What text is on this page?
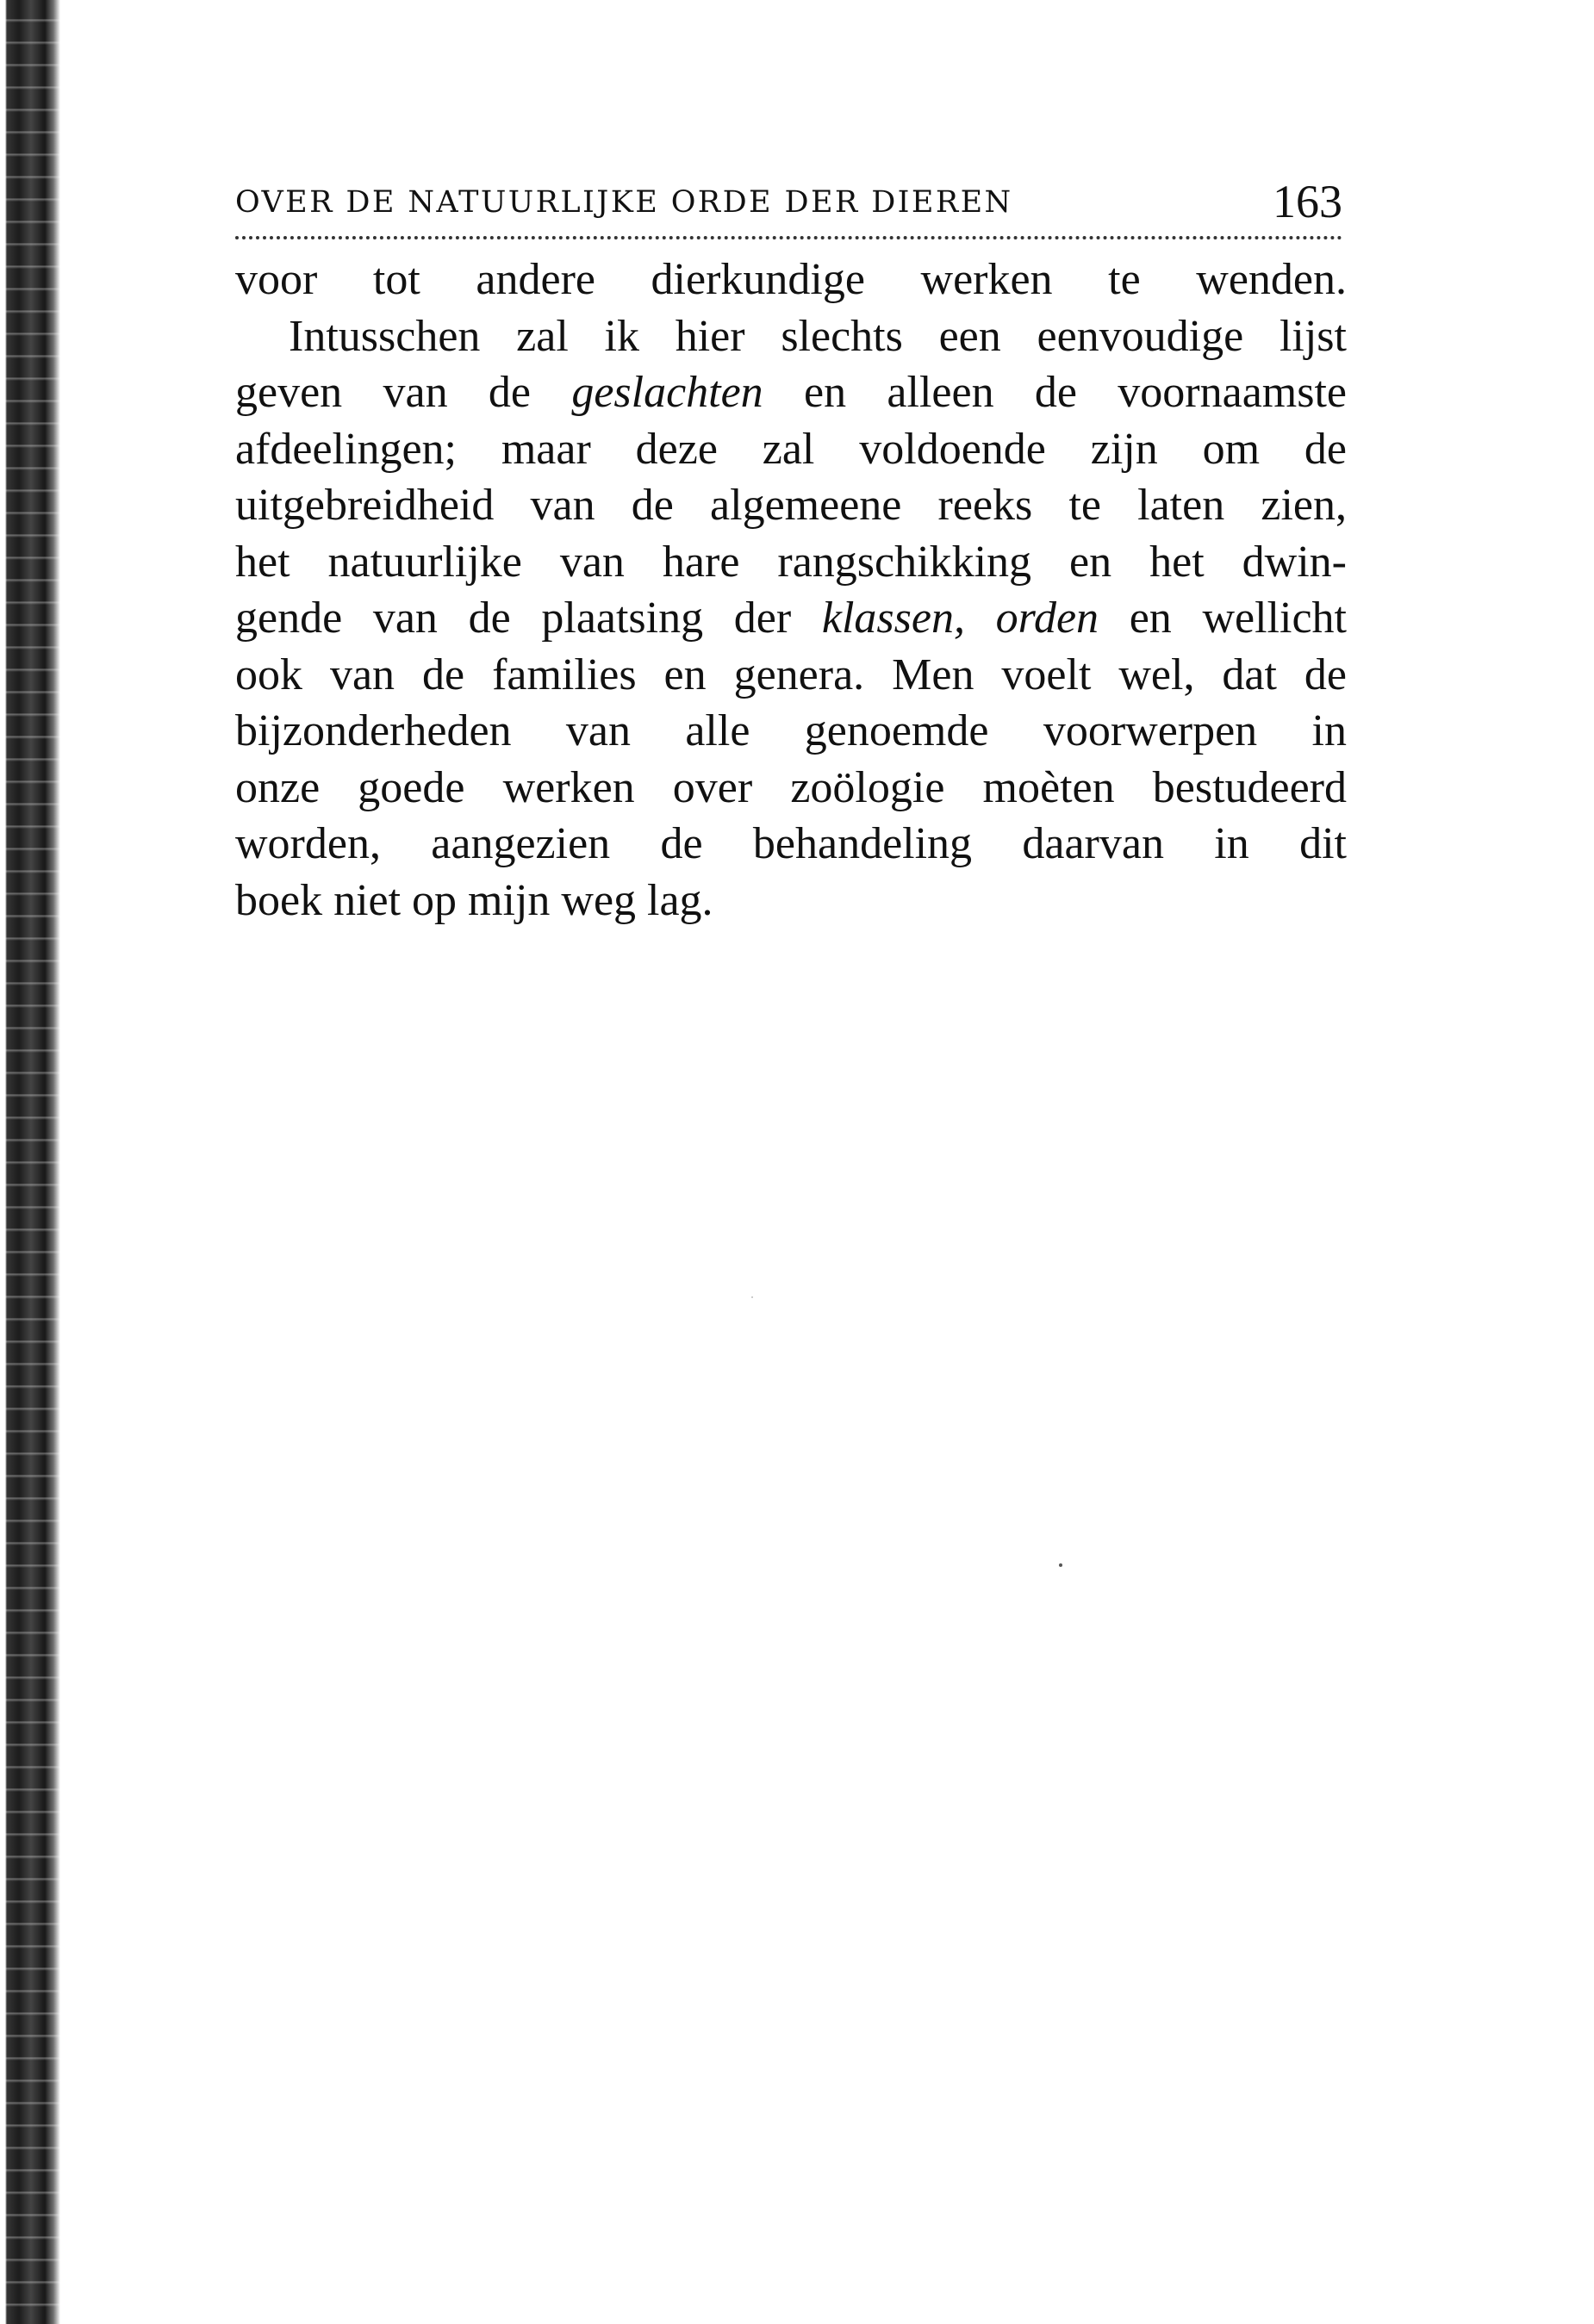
OVER DE NATUURLIJKE ORDE DER DIEREN	163
voor tot andere dierkundige werken te wenden.
Intusschen zal ik hier slechts een eenvoudige lijst
geven van de geslachten en alleen de voornaamste
afdeelingen; maar deze zal voldoende zijn om de
uitgebreidheid van de algemeene reeks te laten zien,
het natuurlijke van hare rangschikking en het dwin-
gende van de plaatsing der klassen, orden en wellicht
ook van de families en genera. Men voelt wel, dat de
bijzonderheden van alle genoemde voorwerpen in
onze goede werken over zoölogie moèten bestudeerd
worden, aangezien de behandeling daarvan in dit
boek niet op mijn weg lag.
